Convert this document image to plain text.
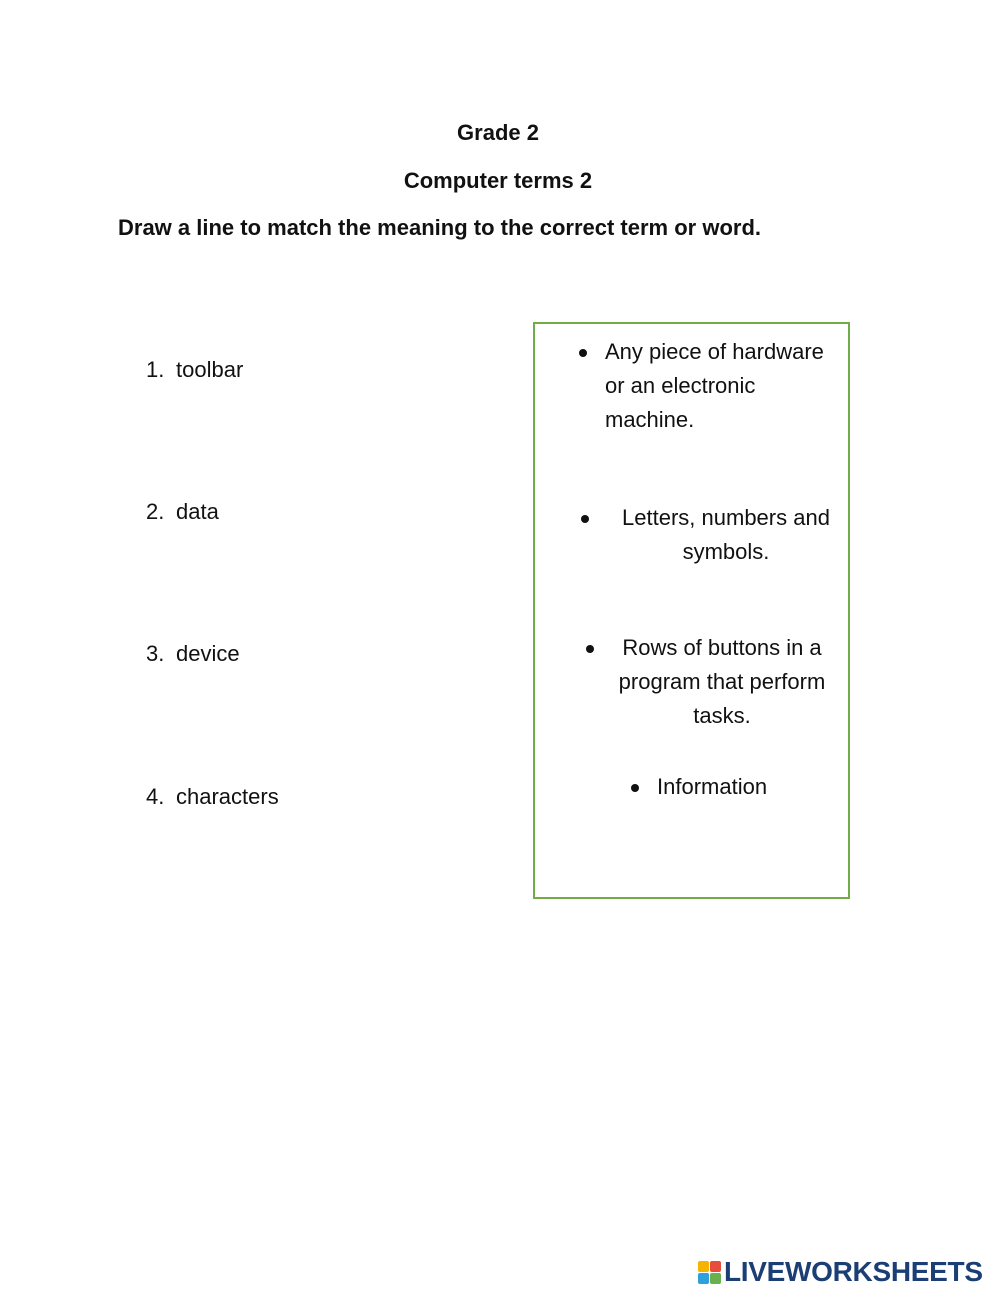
Grade 2
Computer terms 2

Draw a line to match the meaning to the correct term or word.

1. toolbar
2. data
3. device
4. characters
Any piece of hardware or an electronic machine.
Letters, numbers and symbols.
Rows of buttons in a program that perform tasks.
Information
LIVEWORKSHEETS
